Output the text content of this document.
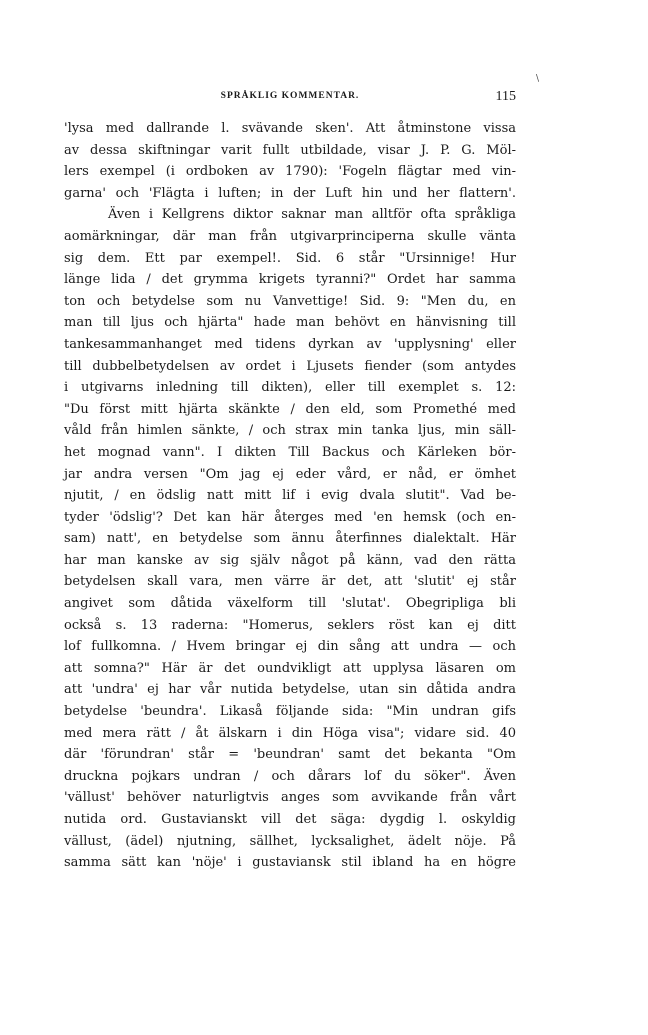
\
SPRÅKLIG KOMMENTAR.	115
'lysa med dallrande l. svävande sken'. Att åtminstone vissa
av dessa skiftningar varit fullt utbildade, visar J. P. G. Möl-
lers exempel (i ordboken av 1790): 'Fogeln flägtar med vin-
garna' och 'Flägta i luften; in der Luft hin und her flattern'.
Även i Kellgrens diktor saknar man alltför ofta språkliga
aomärkningar, där man från utgivarprinciperna skulle vänta
sig dem. Ett par exempel!. Sid. 6 står "Ursinnige! Hur
länge lida / det grymma krigets tyranni?" Ordet har samma
ton och betydelse som nu Vanvettige! Sid. 9: "Men du, en
man till ljus och hjärta" hade man behövt en hänvisning till
tankesammanhanget med tidens dyrkan av 'upplysning' eller
till dubbelbetydelsen av ordet i Ljusets fiender (som antydes
i utgivarns inledning till dikten), eller till exemplet s. 12:
"Du först mitt hjärta skänkte / den eld, som Promethé med
våld från himlen sänkte, / och strax min tanka ljus, min säll-
het mognad vann". I dikten Till Backus och Kärleken bör-
jar andra versen "Om jag ej eder vård, er nåd, er ömhet
njutit, / en ödslig natt mitt lif i evig dvala slutit". Vad be-
tyder 'ödslig'? Det kan här återges med 'en hemsk (och en-
sam) natt', en betydelse som ännu återfinnes dialektalt. Här
har man kanske av sig själv något på känn, vad den rätta
betydelsen skall vara, men värre är det, att 'slutit' ej står
angivet som dåtida växelform till 'slutat'. Obegripliga bli
också s. 13 raderna: "Homerus, seklers röst kan ej ditt
lof fullkomna. / Hvem bringar ej din sång att undra — och
att somna?" Här är det oundvikligt att upplysa läsaren om
att 'undra' ej har vår nutida betydelse, utan sin dåtida andra
betydelse 'beundra'. Likaså följande sida: "Min undran gifs
med mera rätt / åt älskarn i din Höga visa"; vidare sid. 40
där 'förundran' står = 'beundran' samt det bekanta "Om
druckna pojkars undran / och dårars lof du söker". Även
'vällust' behöver naturligtvis anges som avvikande från vårt
nutida ord. Gustavianskt vill det säga: dygdig l. oskyldig
vällust, (ädel) njutning, sällhet, lycksalighet, ädelt nöje. På
samma sätt kan 'nöje' i gustaviansk stil ibland ha en högre
